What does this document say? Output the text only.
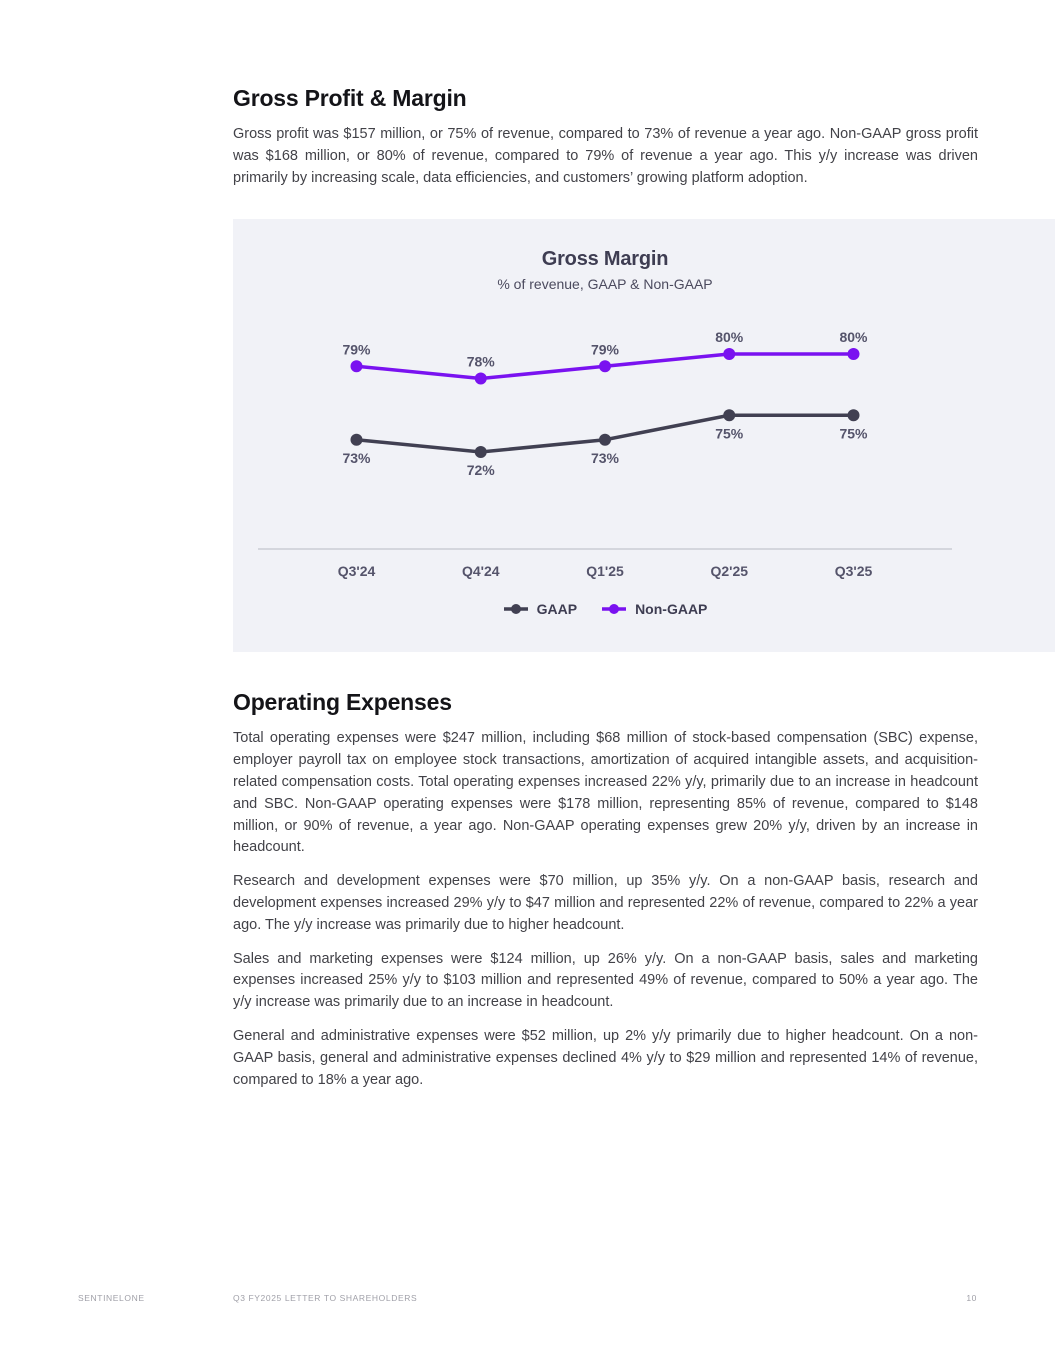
Gross Profit & Margin

Gross profit was $157 million, or 75% of revenue, compared to 73% of revenue a year ago. Non-GAAP gross profit was $168 million, or 80% of revenue, compared to 79% of revenue a year ago. This y/y increase was driven primarily by increasing scale, data efficiencies, and customers’ growing platform adoption.

Gross Margin
% of revenue, GAAP & Non-GAAP
Q3'24	Q4'24	Q1'25	Q2'25	Q3'25
73%
72%
73%
75%	75%
79%
78%
79%
80%	80%
GAAP	Non-GAAP
Operating Expenses

Total operating expenses were $247 million, including $68 million of stock-based compensation (SBC) expense, employer payroll tax on employee stock transactions, amortization of acquired intangible assets, and acquisition-related compensation costs. Total operating expenses increased 22% y/y, primarily due to an increase in headcount and SBC. Non-GAAP operating expenses were $178 million, representing 85% of revenue, compared to $148 million, or 90% of revenue, a year ago. Non-GAAP operating expenses grew 20% y/y, driven by an increase in headcount.

Research and development expenses were $70 million, up 35% y/y. On a non-GAAP basis, research and development expenses increased 29% y/y to $47 million and represented 22% of revenue, compared to 22% a year ago. The y/y increase was primarily due to higher headcount.

Sales and marketing expenses were $124 million, up 26% y/y. On a non-GAAP basis, sales and marketing expenses increased 25% y/y to $103 million and represented 49% of revenue, compared to 50% a year ago. The y/y increase was primarily due to an increase in headcount.

General and administrative expenses were $52 million, up 2% y/y primarily due to higher headcount. On a non-GAAP basis, general and administrative expenses declined 4% y/y to $29 million and represented 14% of revenue, compared to 18% a year ago.

SENTINELONE	Q3 FY2025 LETTER TO SHAREHOLDERS	10
